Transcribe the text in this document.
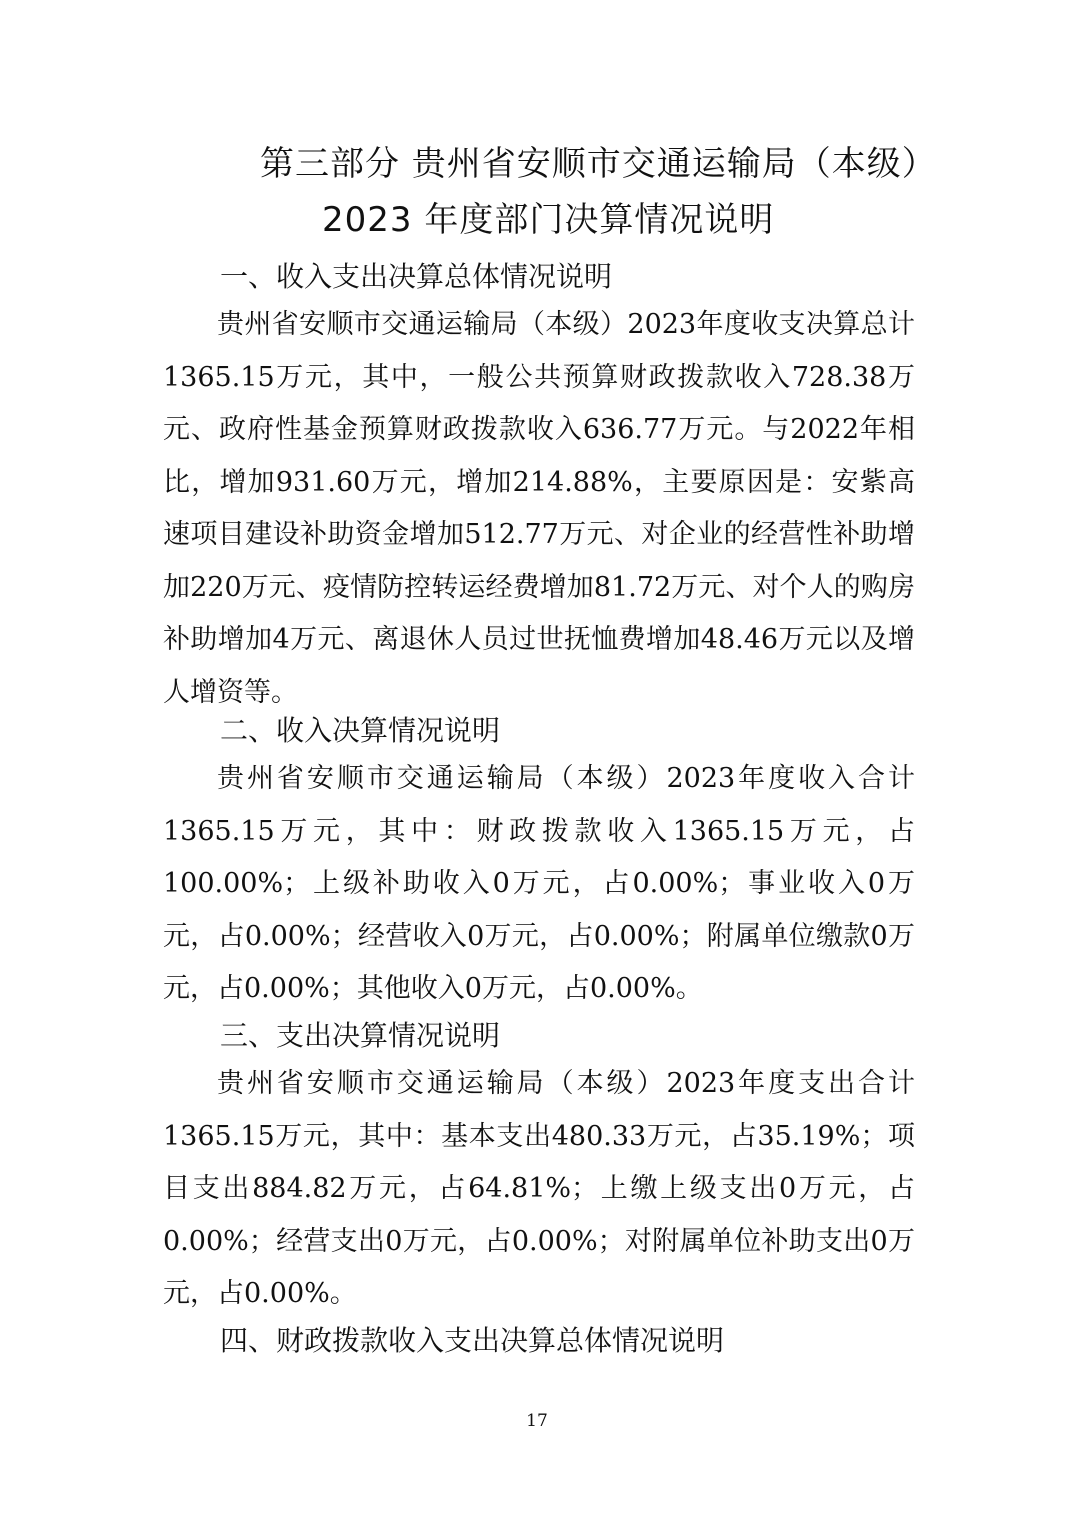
第三部分 贵州省安顺市交通运输局（本级）
2023 年度部门决算情况说明
一、收入支出决算总体情况说明

贵州省安顺市交通运输局（本级）2023年度收支决算总计1365.15万元，其中，一般公共预算财政拨款收入728.38万元、政府性基金预算财政拨款收入636.77万元。与2022年相比，增加931.60万元，增加214.88%，主要原因是：安紫高速项目建设补助资金增加512.77万元、对企业的经营性补助增加220万元、疫情防控转运经费增加81.72万元、对个人的购房补助增加4万元、离退休人员过世抚恤费增加48.46万元以及增人增资等。

二、收入决算情况说明

贵州省安顺市交通运输局（本级）2023年度收入合计1365.15万元，其中：财政拨款收入1365.15万元，占100.00%；上级补助收入0万元，占0.00%；事业收入0万元，占0.00%；经营收入0万元，占0.00%；附属单位缴款0万元，占0.00%；其他收入0万元，占0.00%。

三、支出决算情况说明

贵州省安顺市交通运输局（本级）2023年度支出合计1365.15万元，其中：基本支出480.33万元，占35.19%；项目支出884.82万元，占64.81%；上缴上级支出0万元，占0.00%；经营支出0万元，占0.00%；对附属单位补助支出0万元，占0.00%。

四、财政拨款收入支出决算总体情况说明
17
